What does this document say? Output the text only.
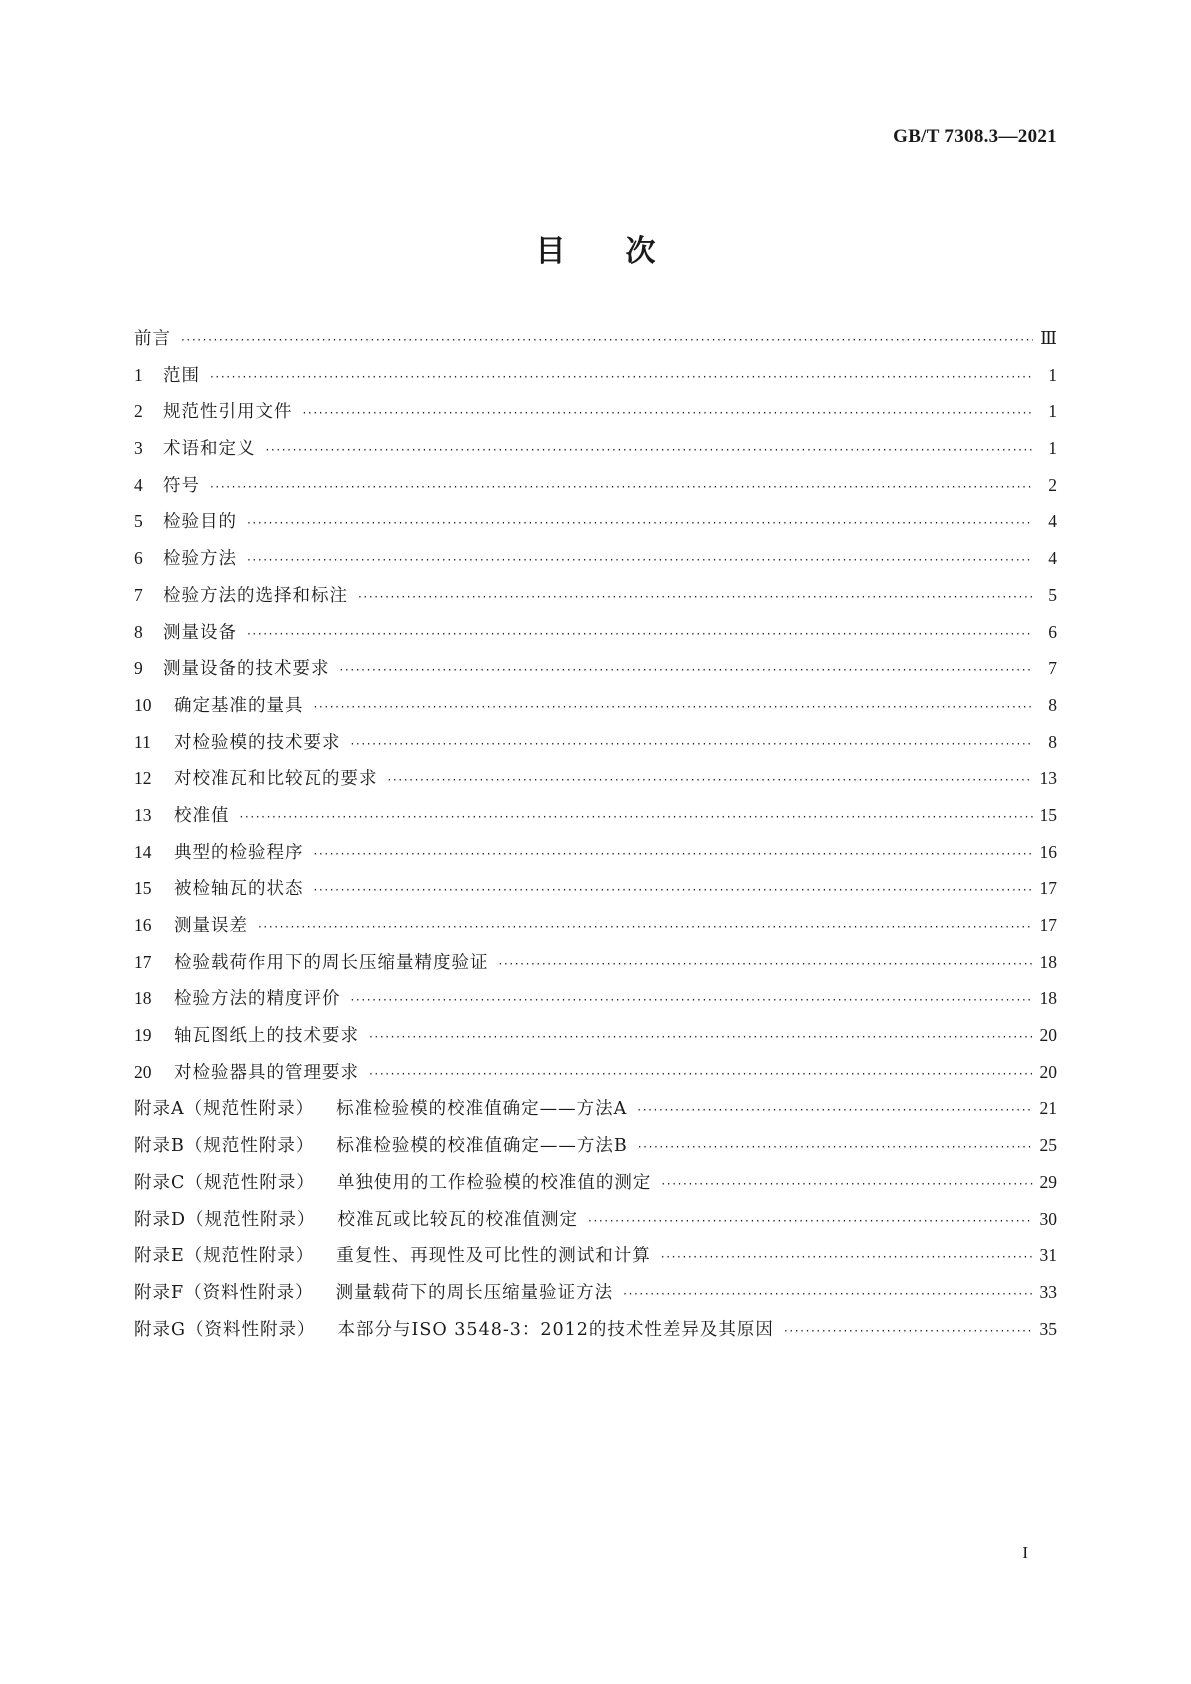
GB/T 7308.3—2021
目次
前言 ·····	Ⅲ
1	范围 ·····	1
2	规范性引用文件 ·····	1
3	术语和定义 ·····	1
4	符号 ·····	2
5	检验目的 ·····	4
6	检验方法 ·····	4
7	检验方法的选择和标注 ·····	5
8	测量设备 ·····	6
9	测量设备的技术要求 ·····	7
10	确定基准的量具 ·····	8
11	对检验模的技术要求 ·····	8
12	对校准瓦和比较瓦的要求 ·····	13
13	校准值 ·····	15
14	典型的检验程序 ·····	16
15	被检轴瓦的状态 ·····	17
16	测量误差 ·····	17
17	检验载荷作用下的周长压缩量精度验证 ·····	18
18	检验方法的精度评价 ·····	18
19	轴瓦图纸上的技术要求 ·····	20
20	对检验器具的管理要求 ·····	20
附录A（规范性附录） 标准检验模的校准值确定——方法A ·····	21
附录B（规范性附录） 标准检验模的校准值确定——方法B ·····	25
附录C（规范性附录） 单独使用的工作检验模的校准值的测定 ·····	29
附录D（规范性附录） 校准瓦或比较瓦的校准值测定 ·····	30
附录E（规范性附录） 重复性、再现性及可比性的测试和计算 ·····	31
附录F（资料性附录） 测量载荷下的周长压缩量验证方法 ·····	33
附录G（资料性附录） 本部分与ISO 3548-3：2012的技术性差异及其原因 ·····	35
I
